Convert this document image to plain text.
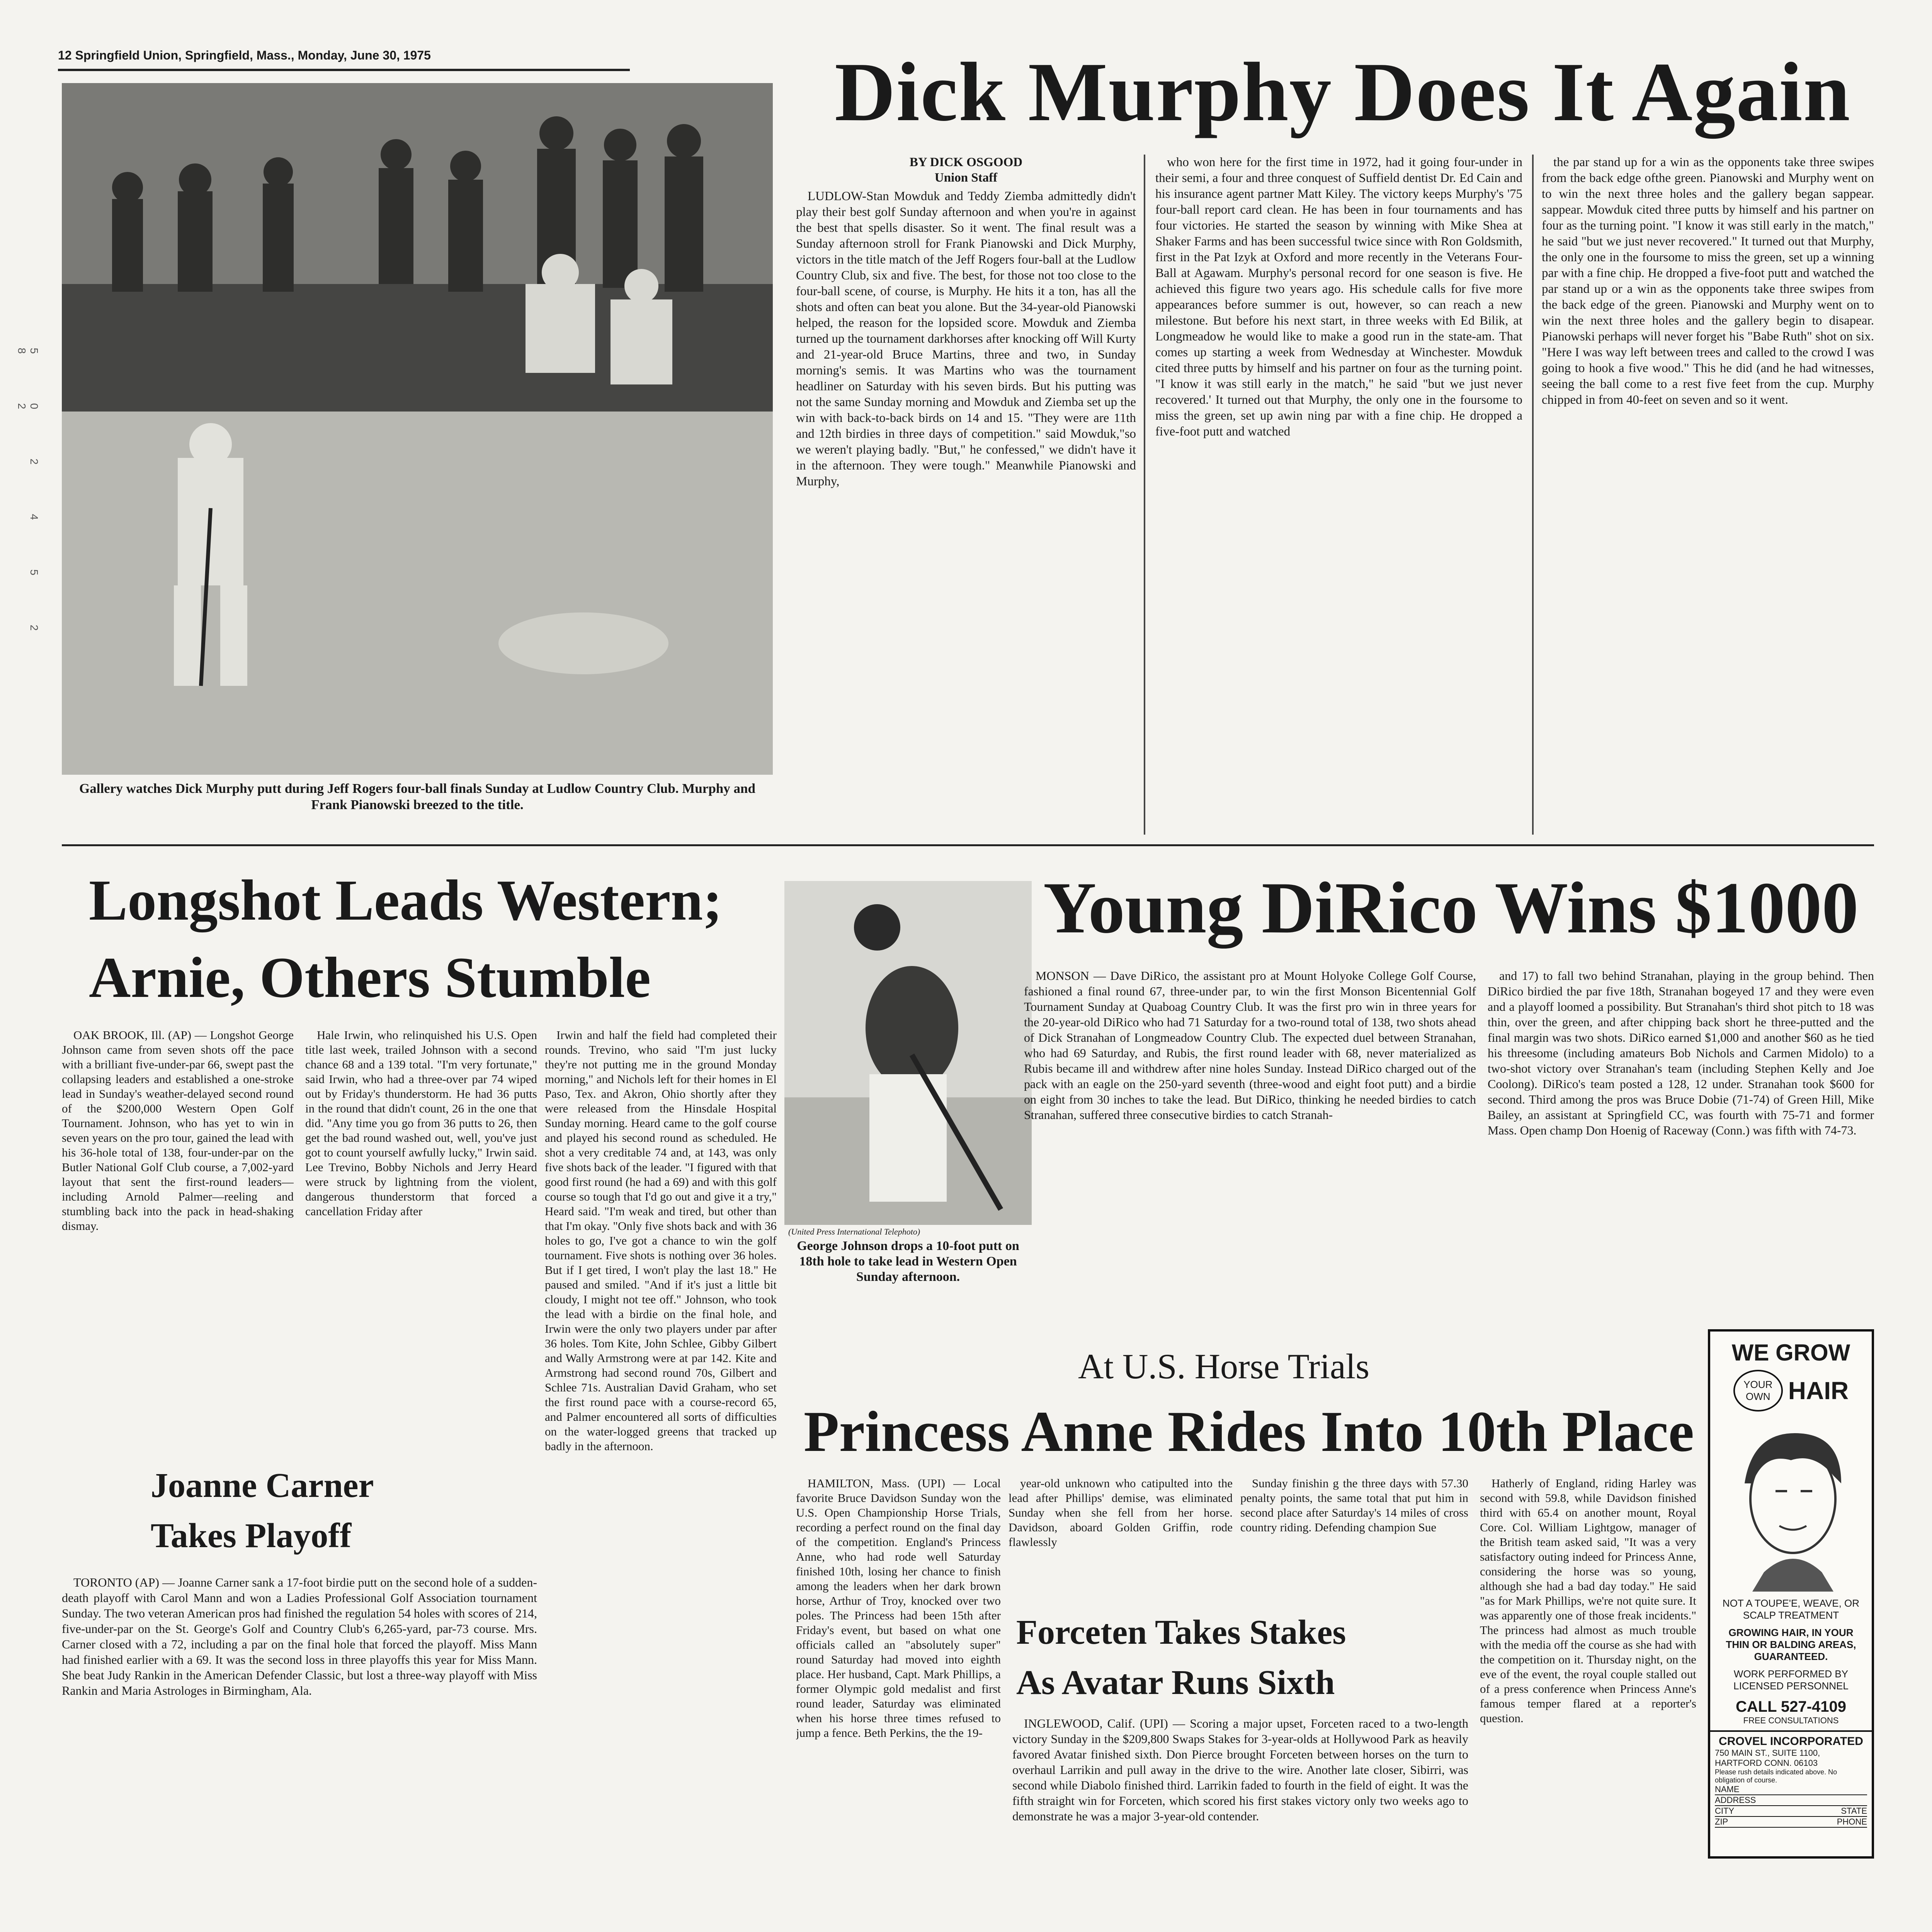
12 Springfield Union, Springfield, Mass., Monday, June 30, 1975
5 0 2 4 5 2 8 2
Dick Murphy Does It Again
Gallery watches Dick Murphy putt during Jeff Rogers four-ball finals Sunday at Ludlow Country Club. Murphy and Frank Pianowski breezed to the title.
BY DICK OSGOOD
Union Staff

LUDLOW-Stan Mowduk and Teddy Ziemba admittedly didn't play their best golf Sunday afternoon and when you're in against the best that spells disaster. So it went. The final result was a Sunday afternoon stroll for Frank Pianowski and Dick Murphy, victors in the title match of the Jeff Rogers four-ball at the Ludlow Country Club, six and five. The best, for those not too close to the four-ball scene, of course, is Murphy. He hits it a ton, has all the shots and often can beat you alone. But the 34-year-old Pianowski helped, the reason for the lopsided score. Mowduk and Ziemba turned up the tournament darkhorses after knocking off Will Kurty and 21-year-old Bruce Martins, three and two, in Sunday morning's semis. It was Martins who was the tournament headliner on Saturday with his seven birds. But his putting was not the same Sunday morning and Mowduk and Ziemba set up the win with back-to-back birds on 14 and 15. "They were are 11th and 12th birdies in three days of competition." said Mowduk,"so we weren't playing badly. "But," he confessed," we didn't have it in the afternoon. They were tough." Meanwhile Pianowski and Murphy,

who won here for the first time in 1972, had it going four-under in their semi, a four and three conquest of Suffield dentist Dr. Ed Cain and his insurance agent partner Matt Kiley. The victory keeps Murphy's '75 four-ball report card clean. He has been in four tournaments and has four victories. He started the season by winning with Mike Shea at Shaker Farms and has been successful twice since with Ron Goldsmith, first in the Pat Izyk at Oxford and more recently in the Veterans Four-Ball at Agawam. Murphy's personal record for one season is five. He achieved this figure two years ago. His schedule calls for five more appearances before summer is out, however, so can reach a new milestone. But before his next start, in three weeks with Ed Bilik, at Longmeadow he would like to make a good run in the state-am. That comes up starting a week from Wednesday at Winchester. Mowduk cited three putts by himself and his partner on four as the turning point. "I know it was still early in the match," he said "but we just never recovered.' It turned out that Murphy, the only one in the foursome to miss the green, set up awin ning par with a fine chip. He dropped a five-foot putt and watched

the par stand up for a win as the opponents take three swipes from the back edge ofthe green. Pianowski and Murphy went on to win the next three holes and the gallery began sappear. sappear. Mowduk cited three putts by himself and his partner on four as the turning point. "I know it was still early in the match," he said "but we just never recovered." It turned out that Murphy, the only one in the foursome to miss the green, set up a winning par with a fine chip. He dropped a five-foot putt and watched the par stand up or a win as the opponents take three swipes from the back edge of the green. Pianowski and Murphy went on to win the next three holes and the gallery begin to disapear. Pianowski perhaps will never forget his "Babe Ruth" shot on six. "Here I was way left between trees and called to the crowd I was going to hook a five wood." This he did (and he had witnesses, seeing the ball come to a rest five feet from the cup. Murphy chipped in from 40-feet on seven and so it went.

Longshot Leads Western;
Arnie, Others Stumble

OAK BROOK, Ill. (AP) — Longshot George Johnson came from seven shots off the pace with a brilliant five-under-par 66, swept past the collapsing leaders and established a one-stroke lead in Sunday's weather-delayed second round of the $200,000 Western Open Golf Tournament. Johnson, who has yet to win in seven years on the pro tour, gained the lead with his 36-hole total of 138, four-under-par on the Butler National Golf Club course, a 7,002-yard layout that sent the first-round leaders—including Arnold Palmer—reeling and stumbling back into the pack in head-shaking dismay.

Hale Irwin, who relinquished his U.S. Open title last week, trailed Johnson with a second chance 68 and a 139 total. "I'm very fortunate," said Irwin, who had a three-over par 74 wiped out by Friday's thunderstorm. He had 36 putts in the round that didn't count, 26 in the one that did. "Any time you go from 36 putts to 26, then get the bad round washed out, well, you've just got to count yourself awfully lucky," Irwin said. Lee Trevino, Bobby Nichols and Jerry Heard were struck by lightning from the violent, dangerous thunderstorm that forced a cancellation Friday after

Irwin and half the field had completed their rounds. Trevino, who said "I'm just lucky they're not putting me in the ground Monday morning," and Nichols left for their homes in El Paso, Tex. and Akron, Ohio shortly after they were released from the Hinsdale Hospital Sunday morning. Heard came to the golf course and played his second round as scheduled. He shot a very creditable 74 and, at 143, was only five shots back of the leader. "I figured with that good first round (he had a 69) and with this golf course so tough that I'd go out and give it a try," Heard said. "I'm weak and tired, but other than that I'm okay. "Only five shots back and with 36 holes to go, I've got a chance to win the golf tournament. Five shots is nothing over 36 holes. But if I get tired, I won't play the last 18." He paused and smiled. "And if it's just a little bit cloudy, I might not tee off." Johnson, who took the lead with a birdie on the final hole, and Irwin were the only two players under par after 36 holes. Tom Kite, John Schlee, Gibby Gilbert and Wally Armstrong were at par 142. Kite and Armstrong had second round 70s, Gilbert and Schlee 71s. Australian David Graham, who set the first round pace with a course-record 65, and Palmer encountered all sorts of difficulties on the water-logged greens that tracked up badly in the afternoon.

(United Press International Telephoto)
George Johnson drops a 10-foot putt on 18th hole to take lead in Western Open Sunday afternoon.
Joanne Carner
Takes Playoff

TORONTO (AP) — Joanne Carner sank a 17-foot birdie putt on the second hole of a sudden-death playoff with Carol Mann and won a Ladies Professional Golf Association tournament Sunday. The two veteran American pros had finished the regulation 54 holes with scores of 214, five-under-par on the St. George's Golf and Country Club's 6,265-yard, par-73 course. Mrs. Carner closed with a 72, including a par on the final hole that forced the playoff. Miss Mann had finished earlier with a 69. It was the second loss in three playoffs this year for Miss Mann. She beat Judy Rankin in the American Defender Classic, but lost a three-way playoff with Miss Rankin and Maria Astrologes in Birmingham, Ala.

Young DiRico Wins $1000

MONSON — Dave DiRico, the assistant pro at Mount Holyoke College Golf Course, fashioned a final round 67, three-under par, to win the first Monson Bicentennial Golf Tournament Sunday at Quaboag Country Club. It was the first pro win in three years for the 20-year-old DiRico who had 71 Saturday for a two-round total of 138, two shots ahead of Dick Stranahan of Longmeadow Country Club. The expected duel between Stranahan, who had 69 Saturday, and Rubis, the first round leader with 68, never materialized as Rubis became ill and withdrew after nine holes Sunday. Instead DiRico charged out of the pack with an eagle on the 250-yard seventh (three-wood and eight foot putt) and a birdie on eight from 30 inches to take the lead. But DiRico, thinking he needed birdies to catch Stranahan, suffered three consecutive birdies to catch Stranah-

and 17) to fall two behind Stranahan, playing in the group behind. Then DiRico birdied the par five 18th, Stranahan bogeyed 17 and they were even and a playoff loomed a possibility. But Stranahan's third shot pitch to 18 was thin, over the green, and after chipping back short he three-putted and the final margin was two shots. DiRico earned $1,000 and another $60 as he tied his threesome (including amateurs Bob Nichols and Carmen Midolo) to a two-shot victory over Stranahan's team (including Stephen Kelly and Joe Coolong). DiRico's team posted a 128, 12 under. Stranahan took $600 for second. Third among the pros was Bruce Dobie (71-74) of Green Hill, Mike Bailey, an assistant at Springfield CC, was fourth with 75-71 and former Mass. Open champ Don Hoenig of Raceway (Conn.) was fifth with 74-73.

At U.S. Horse Trials
Princess Anne Rides Into 10th Place

HAMILTON, Mass. (UPI) — Local favorite Bruce Davidson Sunday won the U.S. Open Championship Horse Trials, recording a perfect round on the final day of the competition. England's Princess Anne, who had rode well Saturday finished 10th, losing her chance to finish among the leaders when her dark brown horse, Arthur of Troy, knocked over two poles. The Princess had been 15th after Friday's event, but based on what one officials called an "absolutely super" round Saturday had moved into eighth place. Her husband, Capt. Mark Phillips, a former Olympic gold medalist and first round leader, Saturday was eliminated when his horse three times refused to jump a fence. Beth Perkins, the the 19-

year-old unknown who catipulted into the lead after Phillips' demise, was eliminated Sunday when she fell from her horse. Davidson, aboard Golden Griffin, rode flawlessly

Sunday finishin g the three days with 57.30 penalty points, the same total that put him in second place after Saturday's 14 miles of cross country riding. Defending champion Sue

Hatherly of England, riding Harley was second with 59.8, while Davidson finished third with 65.4 on another mount, Royal Core. Col. William Lightgow, manager of the British team asked said, "It was a very satisfactory outing indeed for Princess Anne, considering the horse was so young, although she had a bad day today." He said "as for Mark Phillips, we're not quite sure. It was apparently one of those freak incidents." The princess had almost as much trouble with the media off the course as she had with the competition on it. Thursday night, on the eve of the event, the royal couple stalled out of a press conference when Princess Anne's famous temper flared at a reporter's question.

Forceten Takes Stakes
As Avatar Runs Sixth

INGLEWOOD, Calif. (UPI) — Scoring a major upset, Forceten raced to a two-length victory Sunday in the $209,800 Swaps Stakes for 3-year-olds at Hollywood Park as heavily favored Avatar finished sixth. Don Pierce brought Forceten between horses on the turn to overhaul Larrikin and pull away in the drive to the wire. Another late closer, Sibirri, was second while Diabolo finished third. Larrikin faded to fourth in the field of eight. It was the fifth straight win for Forceten, which scored his first stakes victory only two weeks ago to demonstrate he was a major 3-year-old contender.

WE GROW
YOUR
OWN HAIR
NOT A TOUPE'E, WEAVE, OR SCALP TREATMENT
GROWING HAIR, IN YOUR THIN OR BALDING AREAS, GUARANTEED.
WORK PERFORMED BY LICENSED PERSONNEL
CALL 527-4109
FREE CONSULTATIONS
CROVEL INCORPORATED
750 MAIN ST., SUITE 1100, HARTFORD CONN. 06103
Please rush details indicated above. No obligation of course.
NAME
ADDRESS
CITY	STATE
ZIP	PHONE
